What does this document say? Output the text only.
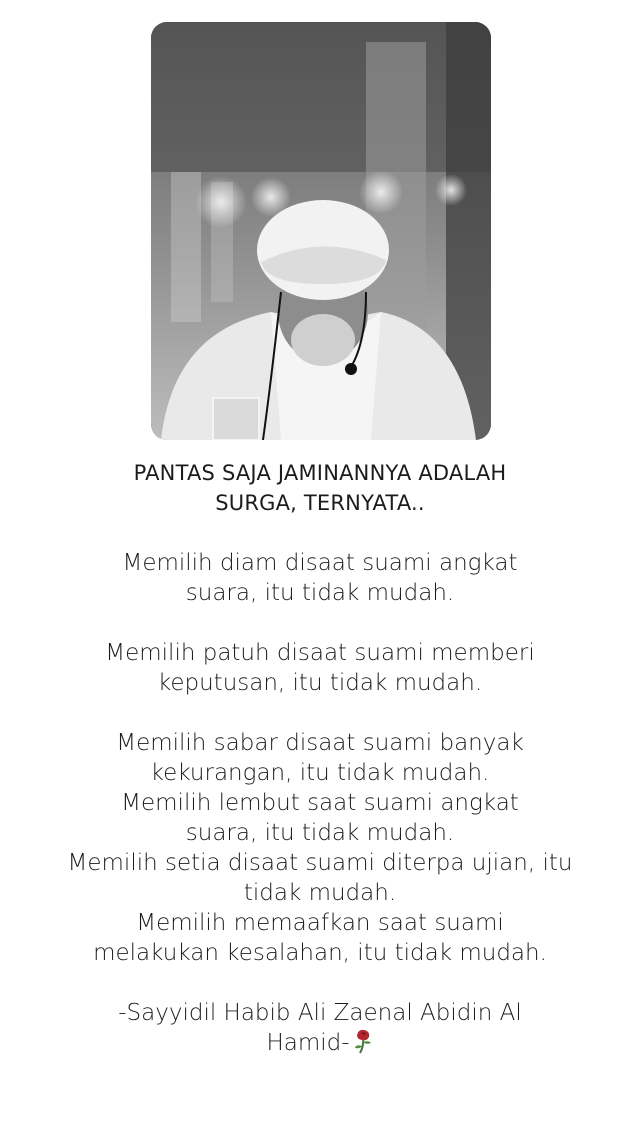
PANTAS SAJA JAMINANNYA ADALAH SURGA, TERNYATA..
Memilih diam disaat suami angkat suara, itu tidak mudah.
Memilih patuh disaat suami memberi keputusan, itu tidak mudah.
Memilih sabar disaat suami banyak kekurangan, itu tidak mudah.
Memilih lembut saat suami angkat suara, itu tidak mudah.
Memilih setia disaat suami diterpa ujian, itu tidak mudah.
Memilih memaafkan saat suami melakukan kesalahan, itu tidak mudah.
-Sayyidil Habib Ali Zaenal Abidin Al Hamid-
